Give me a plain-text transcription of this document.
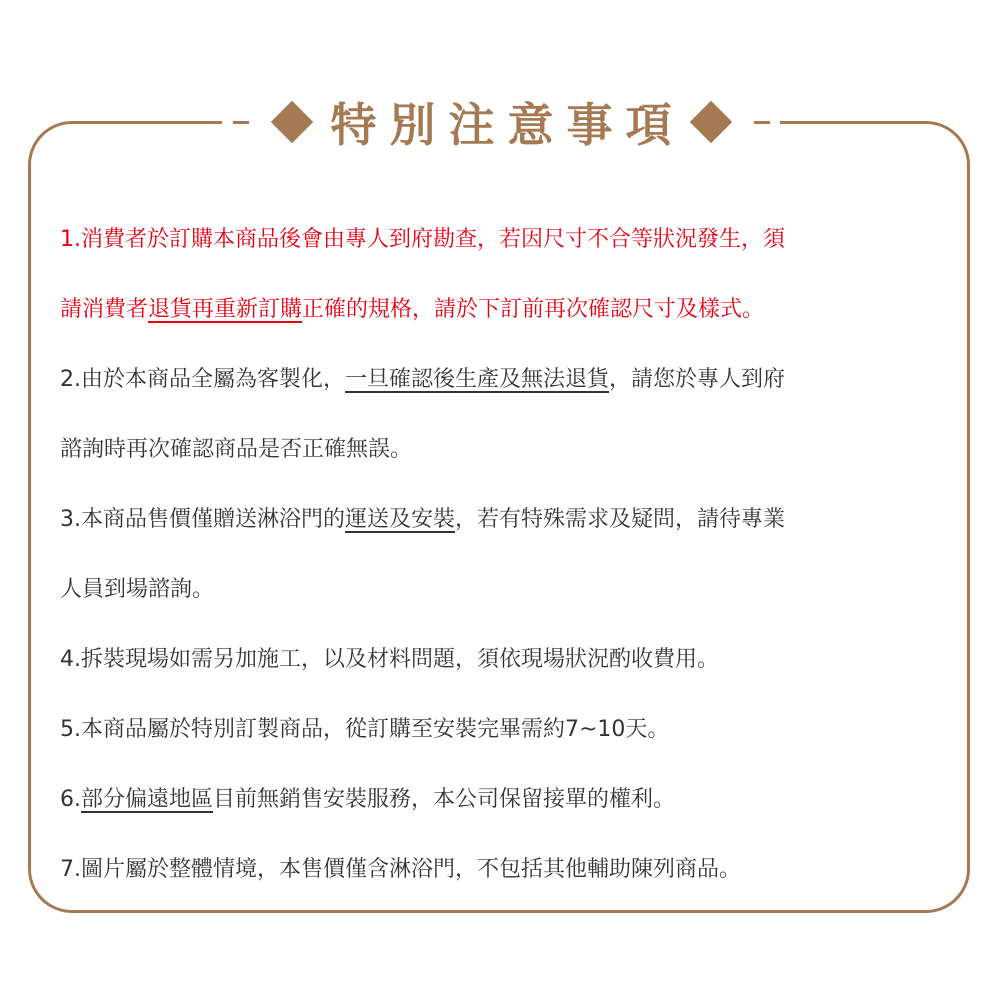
特別注意事項
1.消費者於訂購本商品後會由專人到府勘查，若因尺寸不合等狀況發生，須
請消費者退貨再重新訂購正確的規格，請於下訂前再次確認尺寸及樣式。
2.由於本商品全屬為客製化，一旦確認後生產及無法退貨，請您於專人到府
諮詢時再次確認商品是否正確無誤。
3.本商品售價僅贈送淋浴門的運送及安裝，若有特殊需求及疑問，請待專業
人員到場諮詢。
4.拆裝現場如需另加施工，以及材料問題，須依現場狀況酌收費用。
5.本商品屬於特別訂製商品，從訂購至安裝完畢需約7~10天。
6.部分偏遠地區目前無銷售安裝服務，本公司保留接單的權利。
7.圖片屬於整體情境，本售價僅含淋浴門，不包括其他輔助陳列商品。
